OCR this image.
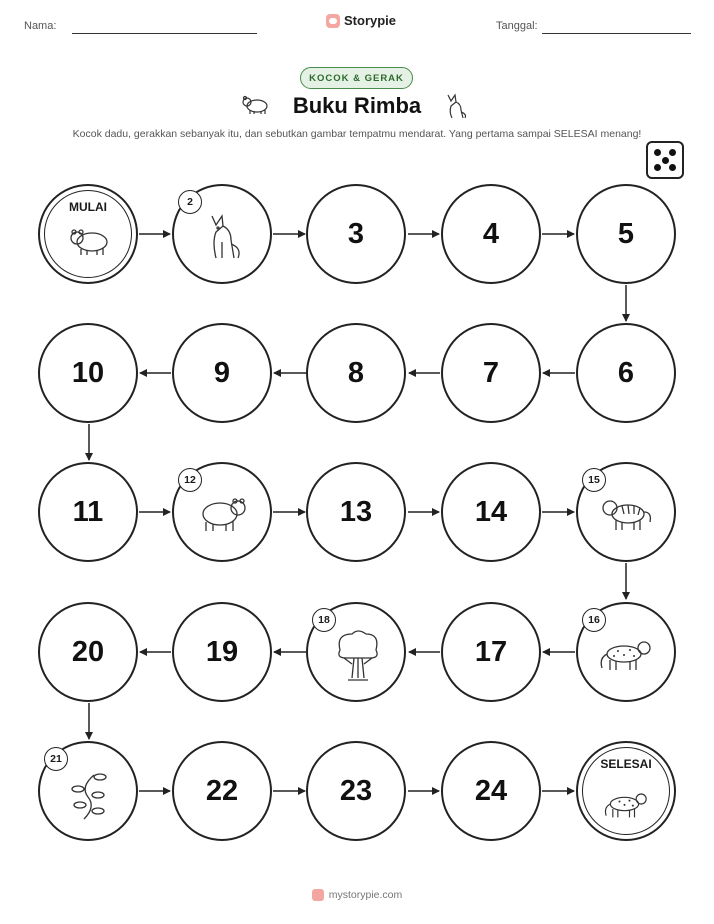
Nama:	Storypie	Tanggal:
KOCOK & GERAK
Buku Rimba
Kocok dadu, gerakkan sebanyak itu, dan sebutkan gambar tempatmu mendarat. Yang pertama sampai SELESAI menang!
MULAI	2
3	4	5
6
7
8
9
10
11
12
13	14
15
16
17
18
19
20
21
22	23	24
SELESAI
mystorypie.com
